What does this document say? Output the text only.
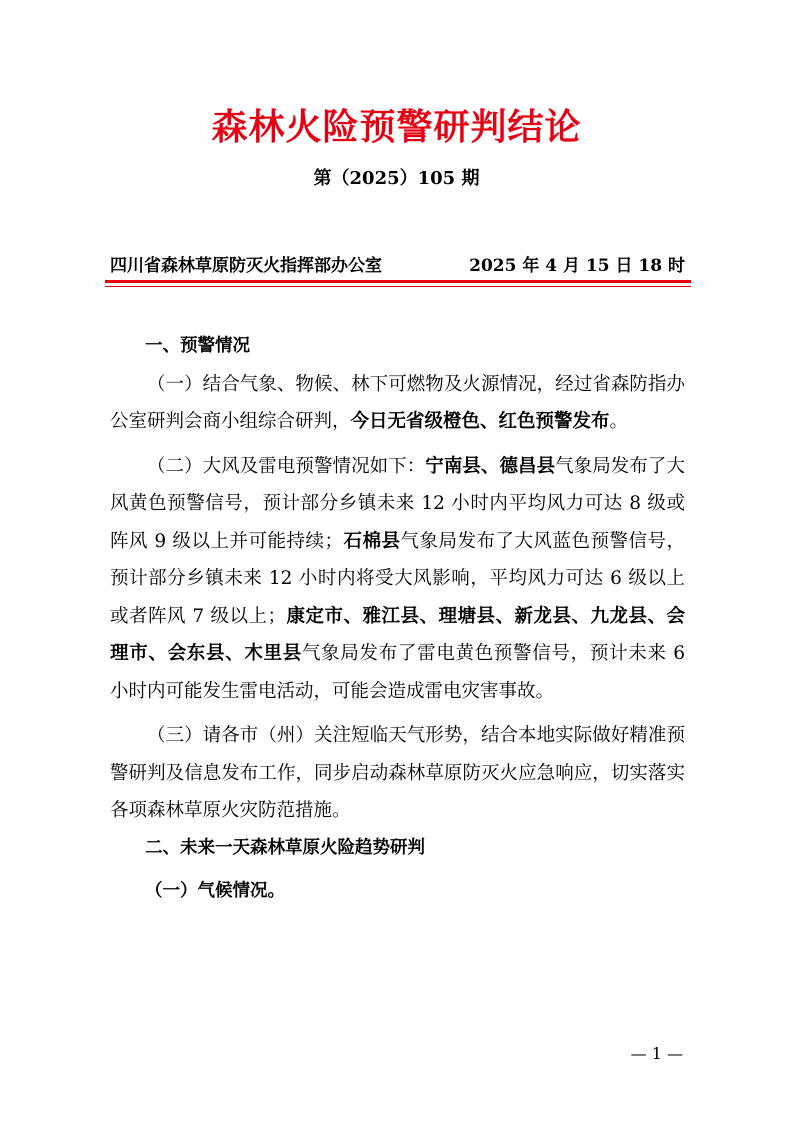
森林火险预警研判结论
第（2025）105 期
四川省森林草原防灭火指挥部办公室	2025 年 4 月 15 日 18 时

一、预警情况

（一）结合气象、物候、林下可燃物及火源情况，经过省森防指办公室研判会商小组综合研判，今日无省级橙色、红色预警发布。

（二）大风及雷电预警情况如下：宁南县、德昌县气象局发布了大风黄色预警信号，预计部分乡镇未来 12 小时内平均风力可达 8 级或阵风 9 级以上并可能持续；石棉县气象局发布了大风蓝色预警信号，预计部分乡镇未来 12 小时内将受大风影响，平均风力可达 6 级以上或者阵风 7 级以上；康定市、雅江县、理塘县、新龙县、九龙县、会理市、会东县、木里县气象局发布了雷电黄色预警信号，预计未来 6 小时内可能发生雷电活动，可能会造成雷电灾害事故。

（三）请各市（州）关注短临天气形势，结合本地实际做好精准预警研判及信息发布工作，同步启动森林草原防灭火应急响应，切实落实各项森林草原火灾防范措施。

二、未来一天森林草原火险趋势研判

（一）气候情况。

— 1 —
